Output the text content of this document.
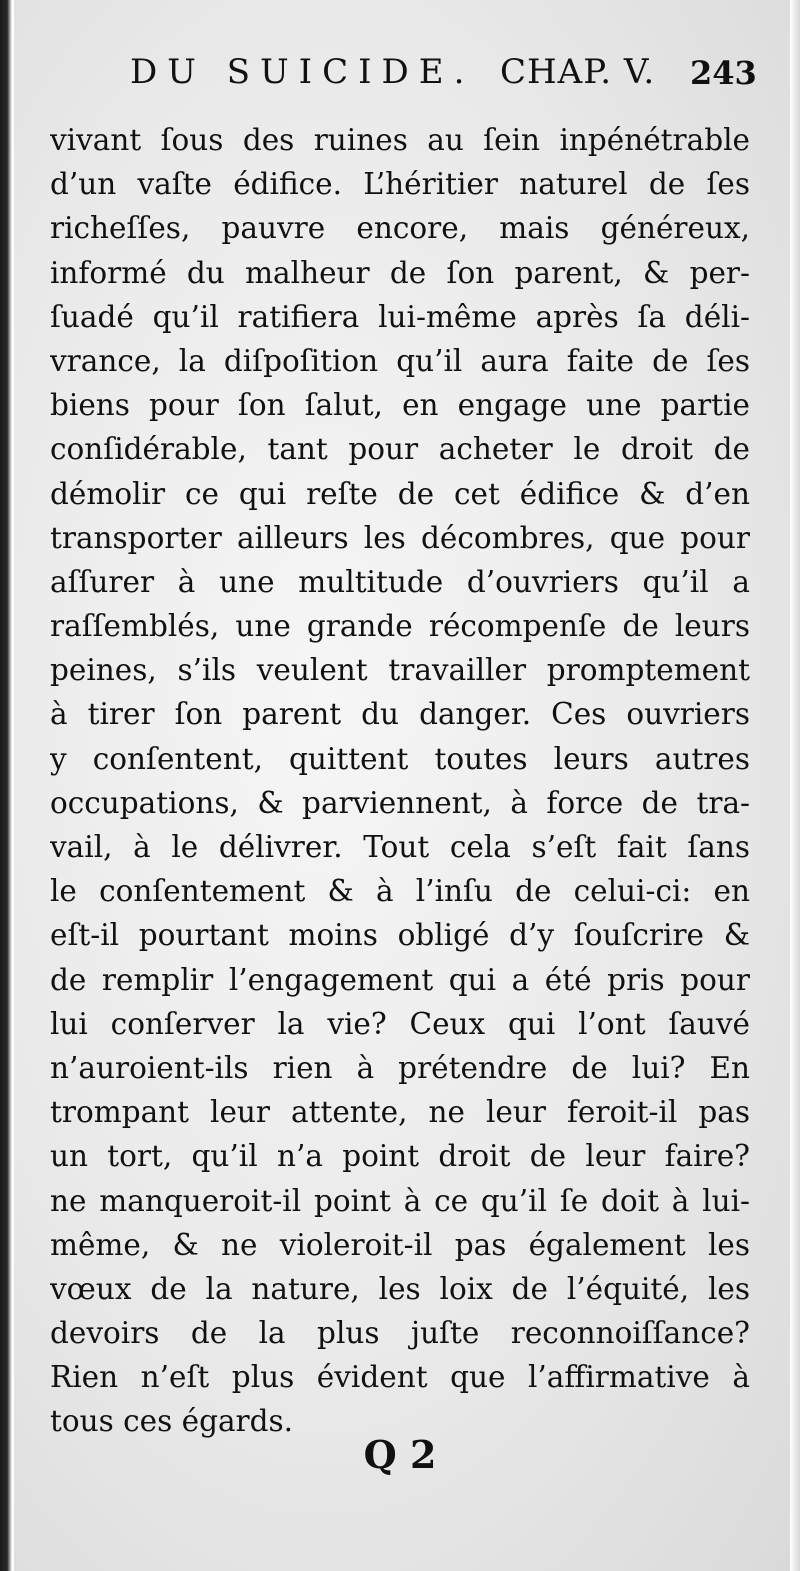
DU SUICIDE. CHAP. V. 243
vivant ſous des ruines au ſein inpénétrable
d’un vaſte édifice. L’héritier naturel de ſes
richeſſes, pauvre encore, mais généreux,
informé du malheur de ſon parent, & per-
ſuadé qu’il ratifiera lui-même après ſa déli-
vrance, la diſpoſition qu’il aura faite de ſes
biens pour ſon ſalut, en engage une partie
conſidérable, tant pour acheter le droit de
démolir ce qui reſte de cet édifice & d’en
transporter ailleurs les décombres, que pour
aſſurer à une multitude d’ouvriers qu’il a
raſſemblés, une grande récompenſe de leurs
peines, s’ils veulent travailler promptement
à tirer ſon parent du danger. Ces ouvriers
y conſentent, quittent toutes leurs autres
occupations, & parviennent, à force de tra-
vail, à le délivrer. Tout cela s’eſt fait ſans
le conſentement & à l’inſu de celui-ci: en
eſt-il pourtant moins obligé d’y ſouſcrire &
de remplir l’engagement qui a été pris pour
lui conſerver la vie? Ceux qui l’ont ſauvé
n’auroient-ils rien à prétendre de lui? En
trompant leur attente, ne leur feroit-il pas
un tort, qu’il n’a point droit de leur faire?
ne manqueroit-il point à ce qu’il ſe doit à lui-
même, & ne violeroit-il pas également les
vœux de la nature, les loix de l’équité, les
devoirs de la plus juſte reconnoiſſance?
Rien n’eſt plus évident que l’affirmative à
tous ces égards.
Q 2
